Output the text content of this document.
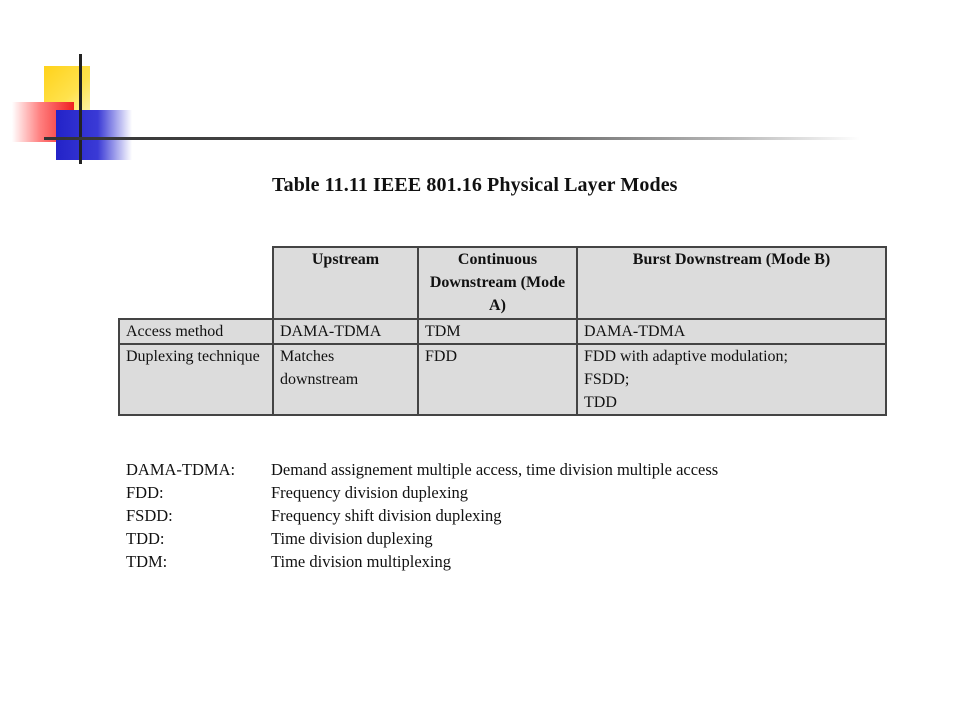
Table 11.11 IEEE 801.16 Physical Layer Modes
	Upstream	Continuous Downstream (Mode A)	Burst Downstream (Mode B)
Access method	DAMA-TDMA	TDM	DAMA-TDMA
Duplexing technique	Matches downstream	FDD	FDD with adaptive modulation;
FSDD;
TDD
DAMA-TDMA:	Demand assignement multiple access, time division multiple access
FDD:	Frequency division duplexing
FSDD:	Frequency shift division duplexing
TDD:	Time division duplexing
TDM:	Time division multiplexing
